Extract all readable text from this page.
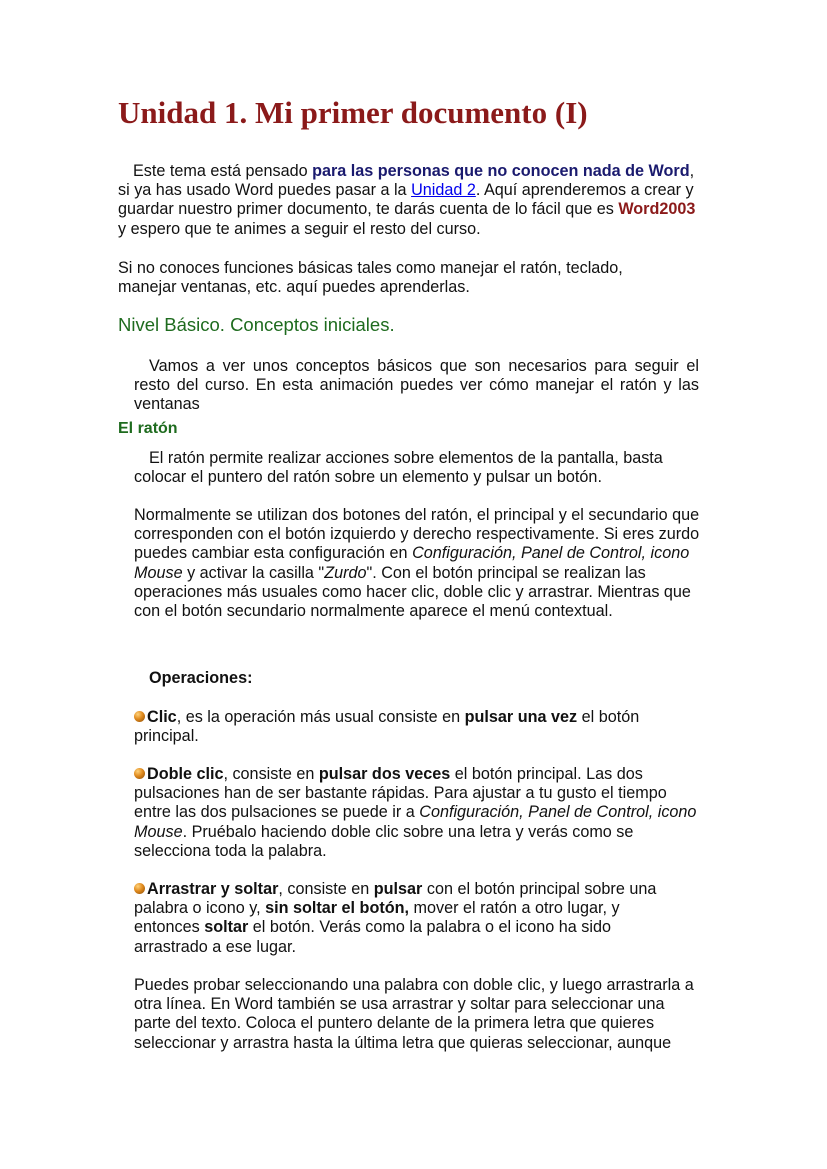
Unidad 1. Mi primer documento (I)

Este tema está pensado para las personas que no conocen nada de Word, si ya has usado Word puedes pasar a la Unidad 2. Aquí aprenderemos a crear y guardar nuestro primer documento, te darás cuenta de lo fácil que es Word2003 y espero que te animes a seguir el resto del curso.

Si no conoces funciones básicas tales como manejar el ratón, teclado, manejar ventanas, etc. aquí puedes aprenderlas.

Nivel Básico. Conceptos iniciales.

Vamos a ver unos conceptos básicos que son necesarios para seguir el resto del curso. En esta animación puedes ver cómo manejar el ratón y las ventanas

El ratón

El ratón permite realizar acciones sobre elementos de la pantalla, basta colocar el puntero del ratón sobre un elemento y pulsar un botón.

Normalmente se utilizan dos botones del ratón, el principal y el secundario que corresponden con el botón izquierdo y derecho respectivamente. Si eres zurdo puedes cambiar esta configuración en Configuración, Panel de Control, icono Mouse y activar la casilla "Zurdo". Con el botón principal se realizan las operaciones más usuales como hacer clic, doble clic y arrastrar. Mientras que con el botón secundario normalmente aparece el menú contextual.

Operaciones:

Clic, es la operación más usual consiste en pulsar una vez el botón principal.

Doble clic, consiste en pulsar dos veces el botón principal. Las dos pulsaciones han de ser bastante rápidas. Para ajustar a tu gusto el tiempo entre las dos pulsaciones se puede ir a Configuración, Panel de Control, icono Mouse. Pruébalo haciendo doble clic sobre una letra y verás como se selecciona toda la palabra.

Arrastrar y soltar, consiste en pulsar con el botón principal sobre una palabra o icono y, sin soltar el botón, mover el ratón a otro lugar, y entonces soltar el botón. Verás como la palabra o el icono ha sido arrastrado a ese lugar.

Puedes probar seleccionando una palabra con doble clic, y luego arrastrarla a otra línea. En Word también se usa arrastrar y soltar para seleccionar una parte del texto. Coloca el puntero delante de la primera letra que quieres seleccionar y arrastra hasta la última letra que quieras seleccionar, aunque
